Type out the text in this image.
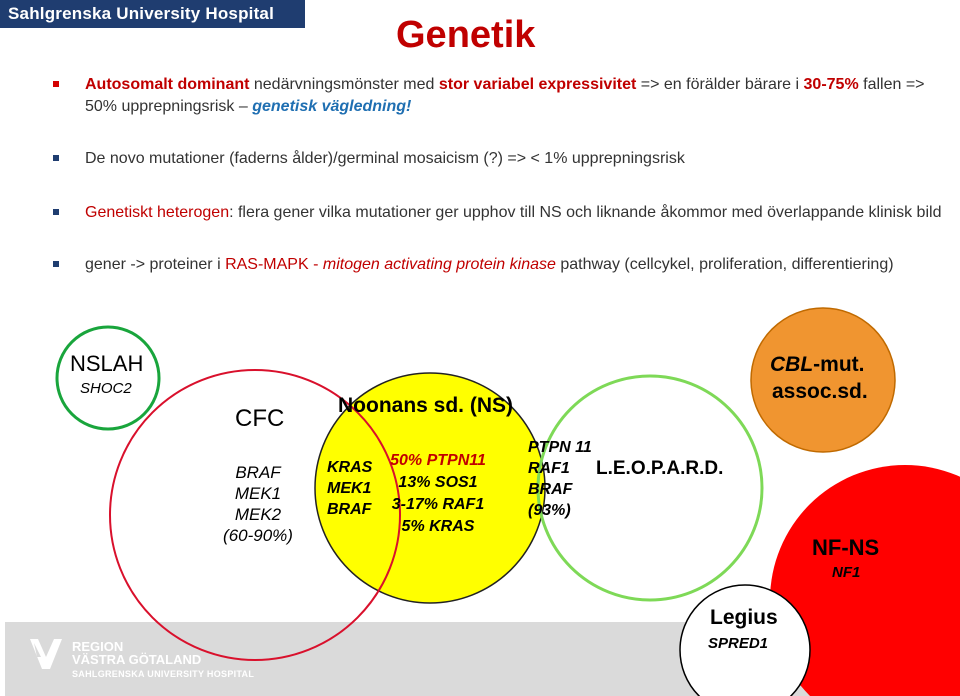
Sahlgrenska University Hospital
Genetik
Autosomalt dominant nedärvningsmönster med stor variabel expressivitet => en förälder bärare i 30-75% fallen => 50% upprepningsrisk – genetisk vägledning!
De novo mutationer (faderns ålder)/germinal mosaicism (?) => < 1% upprepningsrisk
Genetiskt heterogen: flera gener vilka mutationer ger upphov till NS och liknande åkommor med överlappande klinisk bild
gener -> proteiner i RAS-MAPK - mitogen activating protein kinase pathway (cellcykel, proliferation, differentiering)
NSLAH
SHOC2
CFC
BRAF
MEK1
MEK2
(60-90%)
Noonans sd. (NS)
KRAS
MEK1
BRAF
50% PTPN11
13% SOS1
3-17% RAF1
5% KRAS
PTPN 11
RAF1
BRAF
(93%)
L.E.O.P.A.R.D.
CBL-mut.
assoc.sd.
NF-NS
NF1
Legius
SPRED1
REGION
VÄSTRA GÖTALAND
SAHLGRENSKA UNIVERSITY HOSPITAL
